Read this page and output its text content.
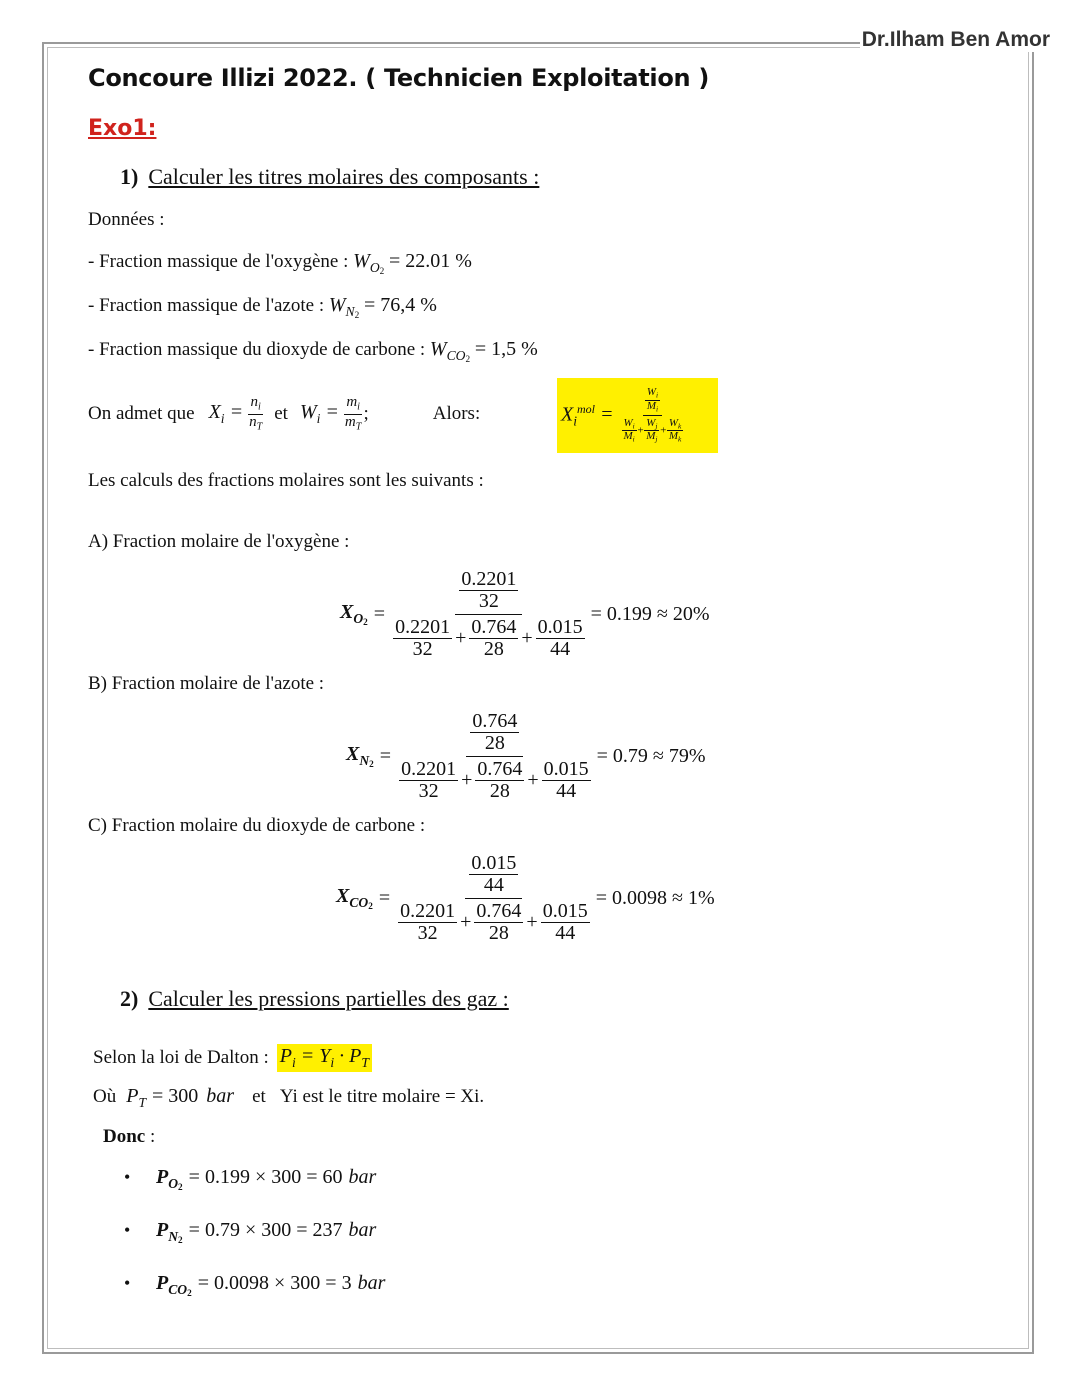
Dr.Ilham Ben Amor
Concoure Illizi 2022. ( Technicien Exploitation )
Exo1:
1) Calculer les titres molaires des composants :
Données :
- Fraction massique de l'oxygène : $W_{O2} = 22.01$ %
- Fraction massique de l'azote : $W_{N2} = 76,4$ %
- Fraction massique du dioxyde de carbone : $W_{CO2} = 1,5$ %
On admet que $X_i = \frac{n_i}{n_T}$ et $W_i = \frac{m_i}{m_T}$ ;	Alors:	$X_i^{mol} = \frac{\frac{W_i}{M_i}}{\frac{W_i}{M_i} + \frac{W_j}{M_j} + \frac{W_k}{M_k}}$
Les calculs des fractions molaires sont les suivants :
A) Fraction molaire de l'oxygène :
$X_{O2} = \frac{\frac{0.2201}{32}}{\frac{0.2201}{32} + \frac{0.764}{28} + \frac{0.015}{44}} = 0.199 \approx 20\%$
B) Fraction molaire de l'azote :
$X_{N2} = \frac{\frac{0.764}{28}}{\frac{0.2201}{32} + \frac{0.764}{28} + \frac{0.015}{44}} = 0.79 \approx 79\%$
C) Fraction molaire du dioxyde de carbone :
$X_{CO2} = \frac{\frac{0.015}{44}}{\frac{0.2201}{32} + \frac{0.764}{28} + \frac{0.015}{44}} = 0.0098 \approx 1\%$
2) Calculer les pressions partielles des gaz :
Selon la loi de Dalton : $P_i = Y_i \cdot P_T$
Où $P_T = 300$ bar et Yi est le titre molaire = Xi.
Donc :
•	$P_{O2} = 0.199 \times 300 = 60$ bar
•	$P_{N2} = 0.79 \times 300 = 237$ bar
•	$P_{CO2} = 0.0098 \times 300 = 3$ bar
